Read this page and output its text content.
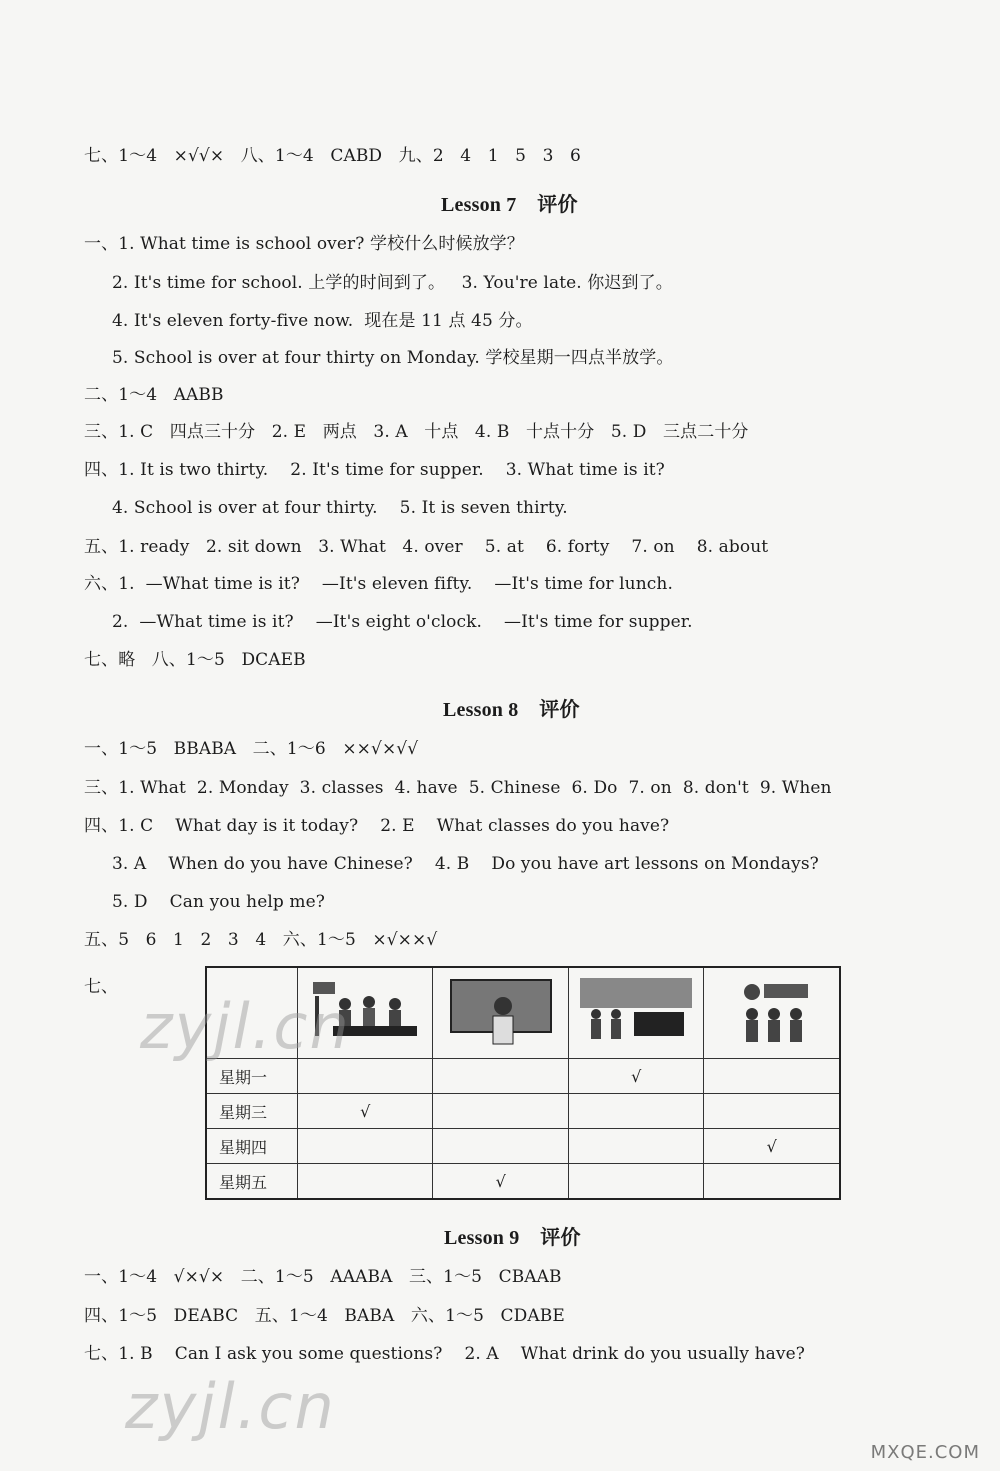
七、1～4   ×√√×   八、1～4   CABD   九、2   4   1   5   3   6
Lesson 7    评价
一、1. What time is school over? 学校什么时候放学？
2. It's time for school. 上学的时间到了。   3. You're late. 你迟到了。
4. It's eleven forty-five now.  现在是 11 点 45 分。
5. School is over at four thirty on Monday. 学校星期一四点半放学。
二、1～4   AABB
三、1. C   四点三十分   2. E   两点   3. A   十点   4. B   十点十分   5. D   三点二十分
四、1. It is two thirty.    2. It's time for supper.    3. What time is it?
4. School is over at four thirty.    5. It is seven thirty.
五、1. ready   2. sit down   3. What   4. over    5. at    6. forty    7. on    8. about
六、1.  —What time is it?    —It's eleven fifty.    —It's time for lunch.
2.  —What time is it?    —It's eight o'clock.    —It's time for supper.
七、略   八、1～5   DCAEB
Lesson 8    评价
一、1～5   BBABA   二、1～6   ××√×√√
三、1. What  2. Monday  3. classes  4. have  5. Chinese  6. Do  7. on  8. don't  9. When
四、1. C    What day is it today?    2. E    What classes do you have?
3. A    When do you have Chinese?    4. B    Do you have art lessons on Mondays?
5. D    Can you help me?
五、5   6   1   2   3   4   六、1～5   ×√××√
七、

星期一			√	
星期三	√			
星期四				√
星期五		√		
Lesson 9    评价
一、1～4   √×√×   二、1～5   AAABA   三、1～5   CBAAB
四、1～5   DEABC   五、1～4   BABA   六、1～5   CDABE
七、1. B    Can I ask you some questions?    2. A    What drink do you usually have?
zyjl.cn
zyjl.cn
MXQE.COM
